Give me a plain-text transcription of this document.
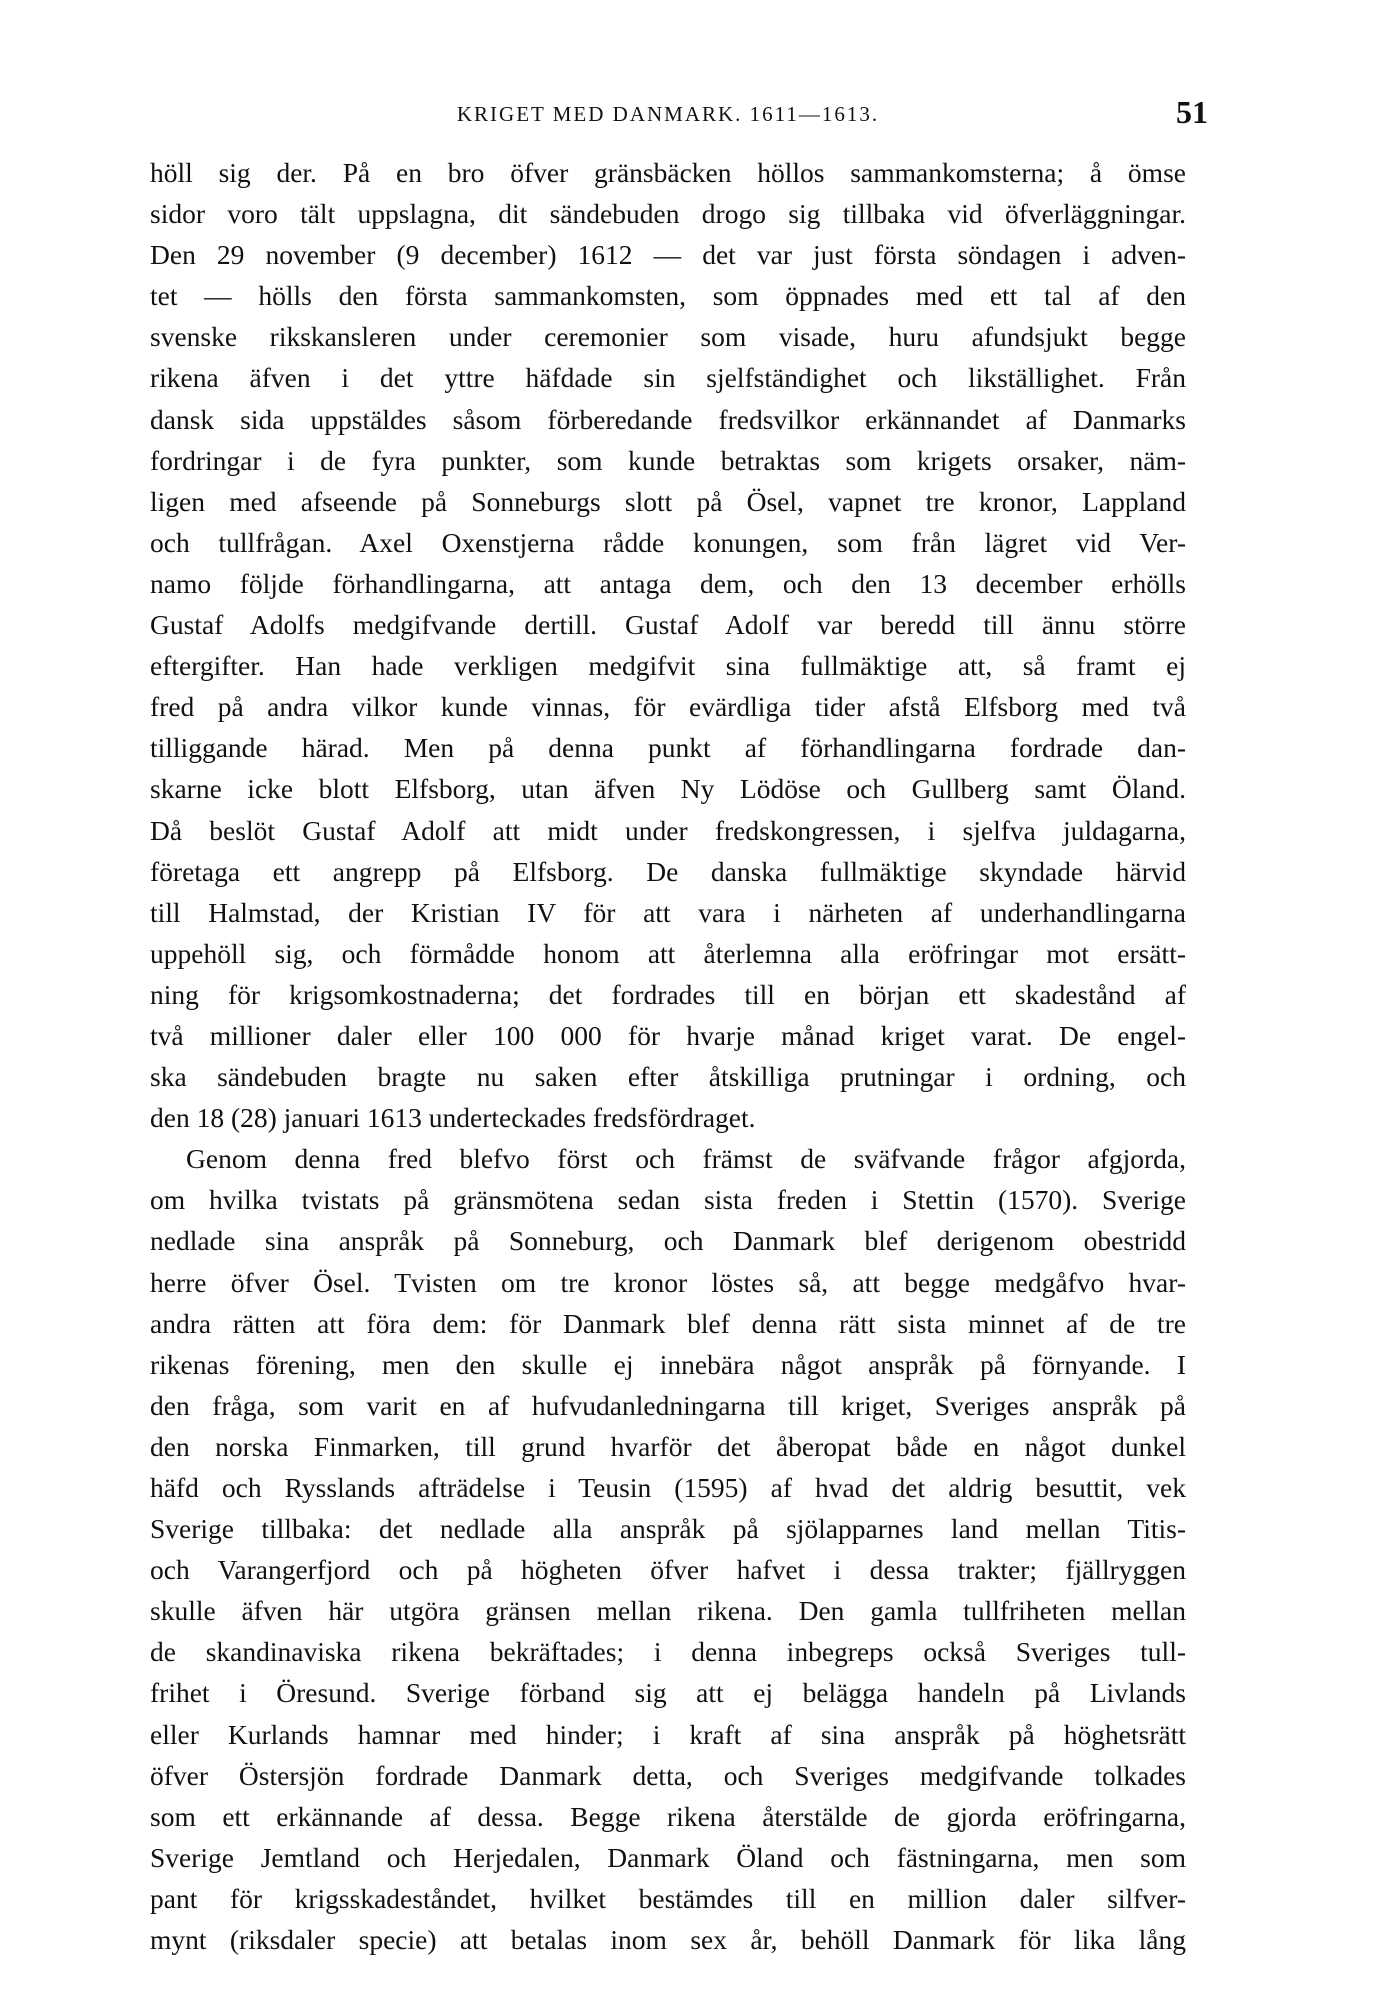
KRIGET MED DANMARK. 1611—1613.	51
höll sig der. På en bro öfver gränsbäcken höllos sammankomsterna; å ömse
sidor voro tält uppslagna, dit sändebuden drogo sig tillbaka vid öfverläggningar.
Den 29 november (9 december) 1612 — det var just första söndagen i adven-
tet — hölls den första sammankomsten, som öppnades med ett tal af den
svenske rikskansleren under ceremonier som visade, huru afundsjukt begge
rikena äfven i det yttre häfdade sin sjelfständighet och likställighet. Från
dansk sida uppstäldes såsom förberedande fredsvilkor erkännandet af Danmarks
fordringar i de fyra punkter, som kunde betraktas som krigets orsaker, näm-
ligen med afseende på Sonneburgs slott på Ösel, vapnet tre kronor, Lappland
och tullfrågan. Axel Oxenstjerna rådde konungen, som från lägret vid Ver-
namo följde förhandlingarna, att antaga dem, och den 13 december erhölls
Gustaf Adolfs medgifvande dertill. Gustaf Adolf var beredd till ännu större
eftergifter. Han hade verkligen medgifvit sina fullmäktige att, så framt ej
fred på andra vilkor kunde vinnas, för evärdliga tider afstå Elfsborg med två
tilliggande härad. Men på denna punkt af förhandlingarna fordrade dan-
skarne icke blott Elfsborg, utan äfven Ny Lödöse och Gullberg samt Öland.
Då beslöt Gustaf Adolf att midt under fredskongressen, i sjelfva juldagarna,
företaga ett angrepp på Elfsborg. De danska fullmäktige skyndade härvid
till Halmstad, der Kristian IV för att vara i närheten af underhandlingarna
uppehöll sig, och förmådde honom att återlemna alla eröfringar mot ersätt-
ning för krigsomkostnaderna; det fordrades till en början ett skadestånd af
två millioner daler eller 100 000 för hvarje månad kriget varat. De engel-
ska sändebuden bragte nu saken efter åtskilliga prutningar i ordning, och
den 18 (28) januari 1613 underteckades fredsfördraget.
Genom denna fred blefvo först och främst de sväfvande frågor afgjorda,
om hvilka tvistats på gränsmötena sedan sista freden i Stettin (1570). Sverige
nedlade sina anspråk på Sonneburg, och Danmark blef derigenom obestridd
herre öfver Ösel. Tvisten om tre kronor löstes så, att begge medgåfvo hvar-
andra rätten att föra dem: för Danmark blef denna rätt sista minnet af de tre
rikenas förening, men den skulle ej innebära något anspråk på förnyande. I
den fråga, som varit en af hufvudanledningarna till kriget, Sveriges anspråk på
den norska Finmarken, till grund hvarför det åberopat både en något dunkel
häfd och Rysslands afträdelse i Teusin (1595) af hvad det aldrig besuttit, vek
Sverige tillbaka: det nedlade alla anspråk på sjölapparnes land mellan Titis-
och Varangerfjord och på högheten öfver hafvet i dessa trakter; fjällryggen
skulle äfven här utgöra gränsen mellan rikena. Den gamla tullfriheten mellan
de skandinaviska rikena bekräftades; i denna inbegreps också Sveriges tull-
frihet i Öresund. Sverige förband sig att ej belägga handeln på Livlands
eller Kurlands hamnar med hinder; i kraft af sina anspråk på höghetsrätt
öfver Östersjön fordrade Danmark detta, och Sveriges medgifvande tolkades
som ett erkännande af dessa. Begge rikena återstälde de gjorda eröfringarna,
Sverige Jemtland och Herjedalen, Danmark Öland och fästningarna, men som
pant för krigsskadeståndet, hvilket bestämdes till en million daler silfver-
mynt (riksdaler specie) att betalas inom sex år, behöll Danmark för lika lång
